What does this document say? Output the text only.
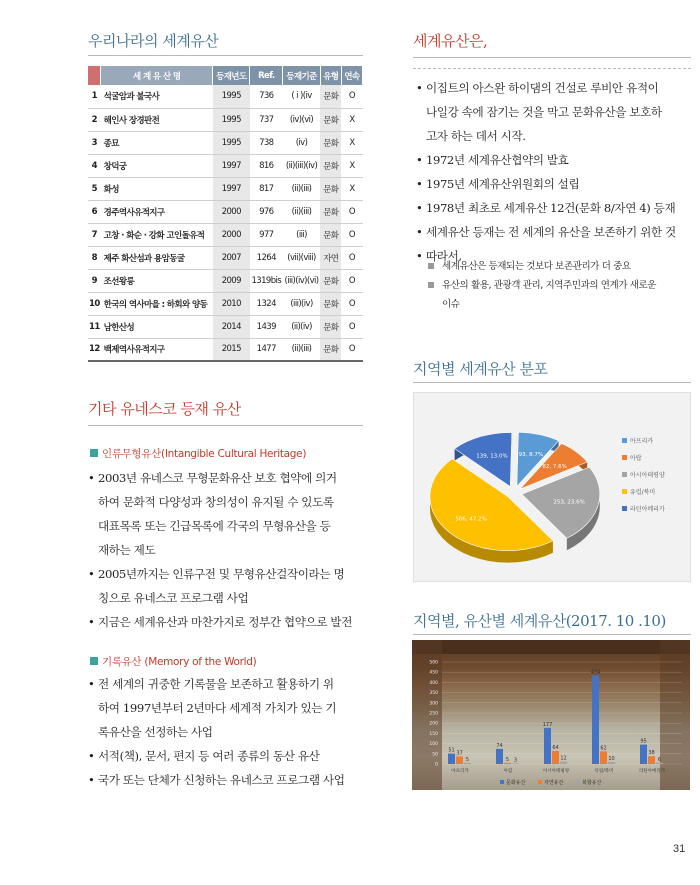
우리나라의 세계유산
	세 계 유 산 명	등재년도	Ref.	등재기준	유형	연속
1	석굴암과 불국사	1995	736	( i )(iv	문화	O
2	해인사 장경판전	1995	737	(iv)(vi)	문화	X
3	종묘	1995	738	(iv)	문화	X
4	창덕궁	1997	816	(ii)(iii)(iv)	문화	X
5	화성	1997	817	(ii)(iii)	문화	X
6	경주역사유적지구	2000	976	(ii)(iii)	문화	O
7	고창 · 화순 · 강화 고인돌유적	2000	977	(iii)	문화	O
8	제주 화산섬과 용암동굴	2007	1264	(vii)(viii)	자연	O
9	조선왕릉	2009	1319bis	(iii)(iv)(vi)	문화	O
10	한국의 역사마을 : 하회와 양동	2010	1324	(iii)(iv)	문화	O
11	남한산성	2014	1439	(ii)(iv)	문화	O
12	백제역사유적지구	2015	1477	(ii)(iii)	문화	O
기타 유네스코 등재 유산
인류무형유산(Intangible Cultural Heritage)
• 2003년 유네스코 무형문화유산 보호 협약에 의거
하여 문화적 다양성과 창의성이 유지될 수 있도록
대표목록 또는 긴급목록에 각국의 무형유산을 등
재하는 제도
• 2005년까지는 인류구전 및 무형유산걸작이라는 명
칭으로 유네스코 프로그램 사업
• 지금은 세계유산과 마찬가지로 정부간 협약으로 발전
기록유산 (Memory of the World)
• 전 세계의 귀중한 기록물을 보존하고 활용하기 위
하여 1997년부터 2년마다 세계적 가치가 있는 기
록유산을 선정하는 사업
• 서적(책), 문서, 편지 등 여러 종류의 동산 유산
• 국가 또는 단체가 신청하는 유네스코 프로그램 사업
세계유산은,
• 이집트의 아스완 하이댐의 건설로 루비안 유적이
나일강 속에 잠기는 것을 막고 문화유산을 보호하
고자 하는 데서 시작.
• 1972년 세계유산협약의 발효
• 1975년 세계유산위원회의 설립
• 1978년 최초로 세계유산 12건(문화 8/자연 4) 등재
• 세계유산 등재는 전 세계의 유산을 보존하기 위한 것
• 따라서,
세계유산은 등재되는 것보다 보존관리가 더 중요
유산의 활용, 관광객 관리, 지역주민과의 연계가 새로운
이슈
지역별 세계유산 분포
93, 8.7%
82, 7.6%
253, 23.6%
506, 47.2%
139, 13.0%
아프리카
아랍
아시아태평양
유럽/북미
라틴아메리카
지역별, 유산별 세계유산(2017. 10 .10)
0
50
100
150
200
250
300
350
400
450
500
51 37
5
아프리카
74
5 3
아랍
177
64
12
아시아태평양
434
62
10
유럽/북미
95
38
6
라틴아메리카
문화유산	자연유산	복합유산
31
